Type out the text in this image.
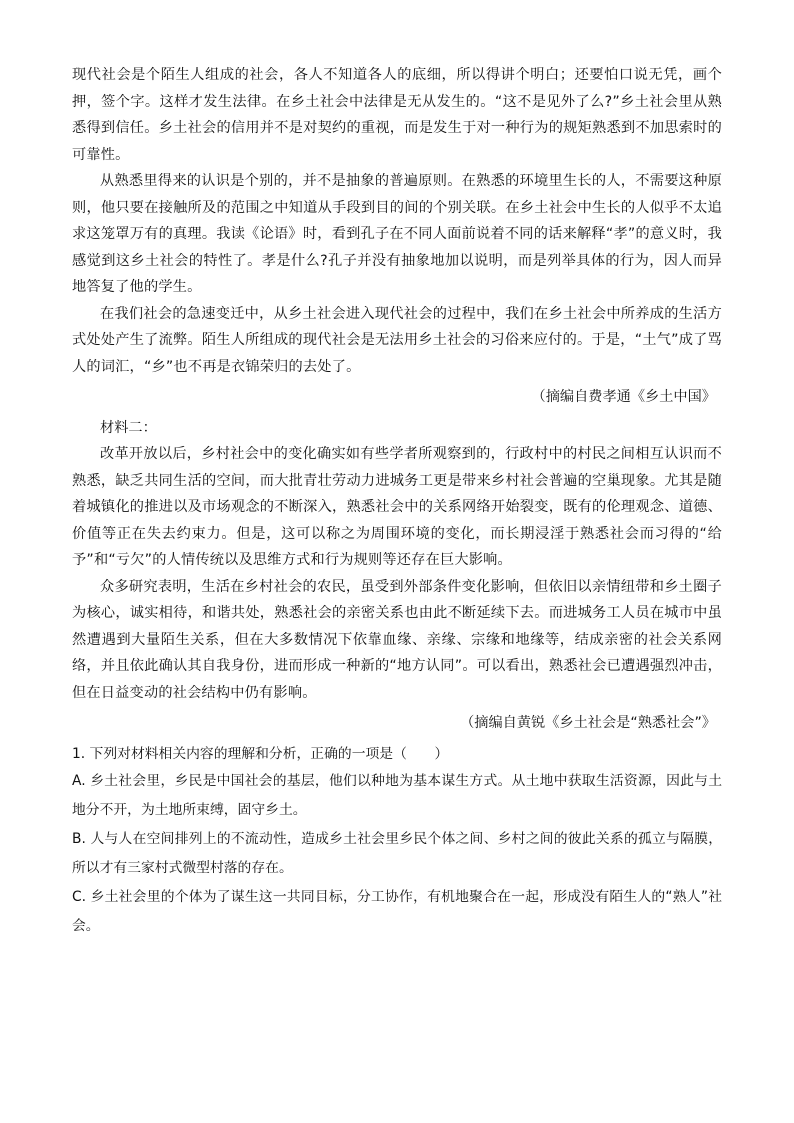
现代社会是个陌生人组成的社会，各人不知道各人的底细，所以得讲个明白；还要怕口说无凭，画个押，签个字。这样才发生法律。在乡土社会中法律是无从发生的。“这不是见外了么?”乡土社会里从熟悉得到信任。乡土社会的信用并不是对契约的重视，而是发生于对一种行为的规矩熟悉到不加思索时的可靠性。

从熟悉里得来的认识是个别的，并不是抽象的普遍原则。在熟悉的环境里生长的人，不需要这种原则，他只要在接触所及的范围之中知道从手段到目的间的个别关联。在乡土社会中生长的人似乎不太追求这笼罩万有的真理。我读《论语》时，看到孔子在不同人面前说着不同的话来解释“孝”的意义时，我感觉到这乡土社会的特性了。孝是什么?孔子并没有抽象地加以说明，而是列举具体的行为，因人而异地答复了他的学生。

在我们社会的急速变迁中，从乡土社会进入现代社会的过程中，我们在乡土社会中所养成的生活方式处处产生了流弊。陌生人所组成的现代社会是无法用乡土社会的习俗来应付的。于是，“土气”成了骂人的词汇，“乡”也不再是衣锦荣归的去处了。

（摘编自费孝通《乡土中国》

材料二：

改革开放以后，乡村社会中的变化确实如有些学者所观察到的，行政村中的村民之间相互认识而不熟悉，缺乏共同生活的空间，而大批青壮劳动力进城务工更是带来乡村社会普遍的空巢现象。尤其是随着城镇化的推进以及市场观念的不断深入，熟悉社会中的关系网络开始裂变，既有的伦理观念、道德、价值等正在失去约束力。但是，这可以称之为周围环境的变化，而长期浸淫于熟悉社会而习得的“给予”和“亏欠”的人情传统以及思维方式和行为规则等还存在巨大影响。

众多研究表明，生活在乡村社会的农民，虽受到外部条件变化影响，但依旧以亲情纽带和乡土圈子为核心，诚实相待，和谐共处，熟悉社会的亲密关系也由此不断延续下去。而进城务工人员在城市中虽然遭遇到大量陌生关系，但在大多数情况下依靠血缘、亲缘、宗缘和地缘等，结成亲密的社会关系网络，并且依此确认其自我身份，进而形成一种新的“地方认同”。可以看出，熟悉社会已遭遇强烈冲击，但在日益变动的社会结构中仍有影响。

（摘编自黄锐《乡土社会是“熟悉社会”》

1. 下列对材料相关内容的理解和分析，正确的一项是（　　）

A. 乡土社会里，乡民是中国社会的基层，他们以种地为基本谋生方式。从土地中获取生活资源，因此与土地分不开，为土地所束缚，固守乡土。

B. 人与人在空间排列上的不流动性，造成乡土社会里乡民个体之间、乡村之间的彼此关系的孤立与隔膜，所以才有三家村式微型村落的存在。

C. 乡土社会里的个体为了谋生这一共同目标，分工协作，有机地聚合在一起，形成没有陌生人的“熟人”社会。
